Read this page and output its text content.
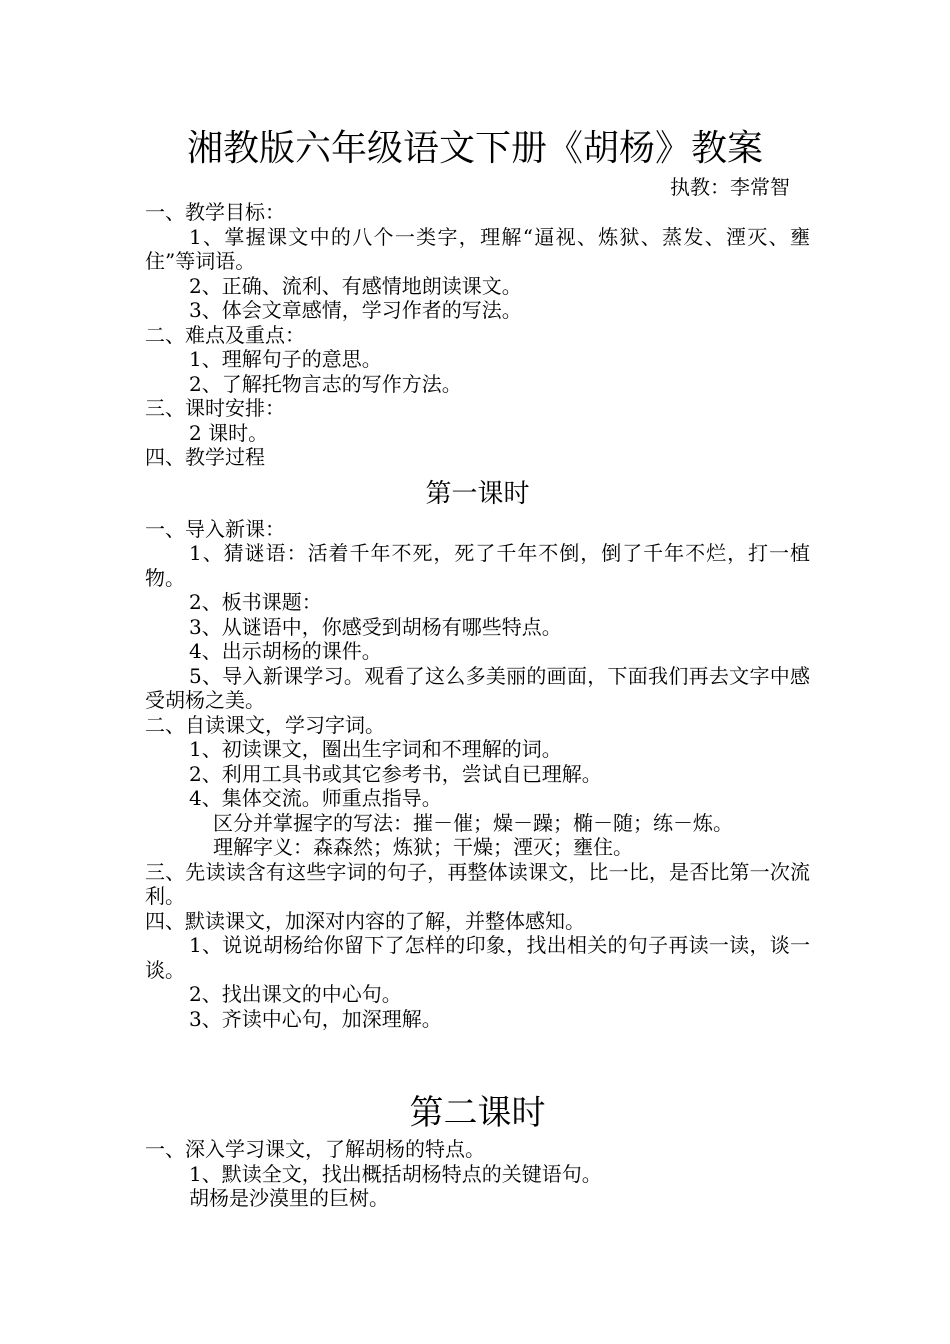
湘教版六年级语文下册《胡杨》教案
执教：李常智

一、教学目标：

1、掌握课文中的八个一类字，理解“逼视、炼狱、蒸发、湮灭、壅住”等词语。

2、正确、流利、有感情地朗读课文。

3、体会文章感情，学习作者的写法。

二、难点及重点：

1、理解句子的意思。

2、了解托物言志的写作方法。

三、课时安排：

2 课时。

四、教学过程

第一课时

一、导入新课：

1、猜谜语：活着千年不死，死了千年不倒，倒了千年不烂，打一植物。

2、板书课题：

3、从谜语中，你感受到胡杨有哪些特点。

4、出示胡杨的课件。

5、导入新课学习。观看了这么多美丽的画面，下面我们再去文字中感受胡杨之美。

二、自读课文，学习字词。

1、初读课文，圈出生字词和不理解的词。

2、利用工具书或其它参考书，尝试自已理解。

4、集体交流。师重点指导。

区分并掌握字的写法：摧－催；燥－躁；椭－随；练－炼。

理解字义：森森然；炼狱；干燥；湮灭；壅住。

三、先读读含有这些字词的句子，再整体读课文，比一比，是否比第一次流利。

四、默读课文，加深对内容的了解，并整体感知。

1、说说胡杨给你留下了怎样的印象，找出相关的句子再读一读，谈一谈。

2、找出课文的中心句。

3、齐读中心句，加深理解。

第二课时

一、深入学习课文，了解胡杨的特点。

1、默读全文，找出概括胡杨特点的关键语句。

胡杨是沙漠里的巨树。
